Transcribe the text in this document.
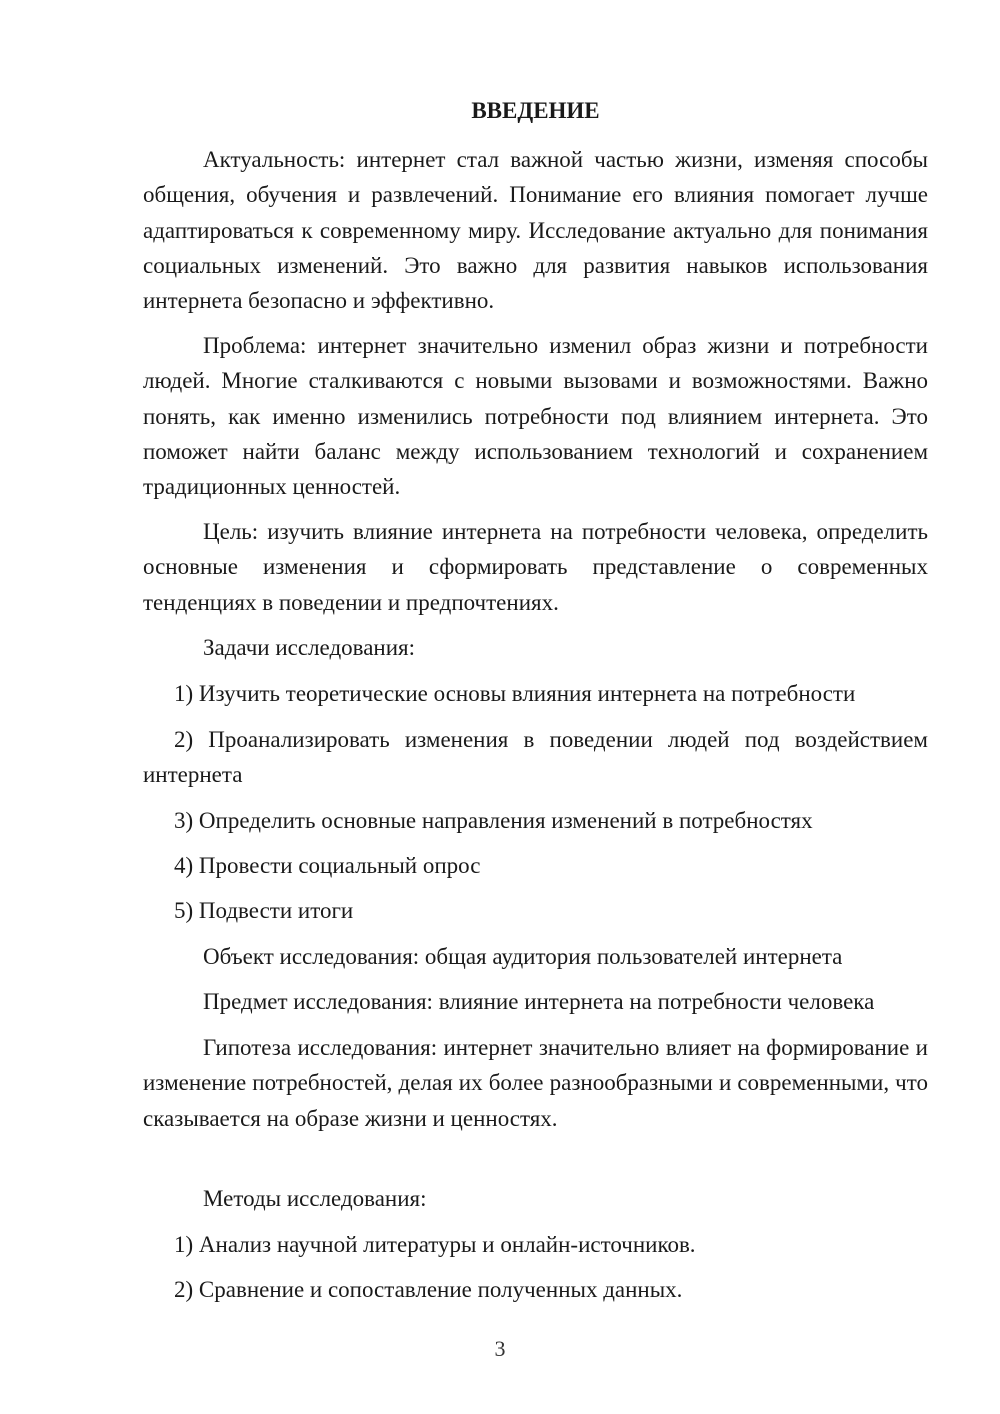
ВВЕДЕНИЕ

Актуальность: интернет стал важной частью жизни, изменяя способы общения, обучения и развлечений. Понимание его влияния помогает лучше адаптироваться к современному миру. Исследование актуально для понимания социальных изменений. Это важно для развития навыков использования интернета безопасно и эффективно.

Проблема: интернет значительно изменил образ жизни и потребности людей. Многие сталкиваются с новыми вызовами и возможностями. Важно понять, как именно изменились потребности под влиянием интернета. Это поможет найти баланс между использованием технологий и сохранением традиционных ценностей.

Цель: изучить влияние интернета на потребности человека, определить основные изменения и сформировать представление о современных тенденциях в поведении и предпочтениях.

Задачи исследования:

1) Изучить теоретические основы влияния интернета на потребности

2) Проанализировать изменения в поведении людей под воздействием интернета

3) Определить основные направления изменений в потребностях

4) Провести социальный опрос

5) Подвести итоги

Объект исследования: общая аудитория пользователей интернета

Предмет исследования: влияние интернета на потребности человека

Гипотеза исследования: интернет значительно влияет на формирование и изменение потребностей, делая их более разнообразными и современными, что сказывается на образе жизни и ценностях.

Методы исследования:

1) Анализ научной литературы и онлайн-источников.

2) Сравнение и сопоставление полученных данных.

3
